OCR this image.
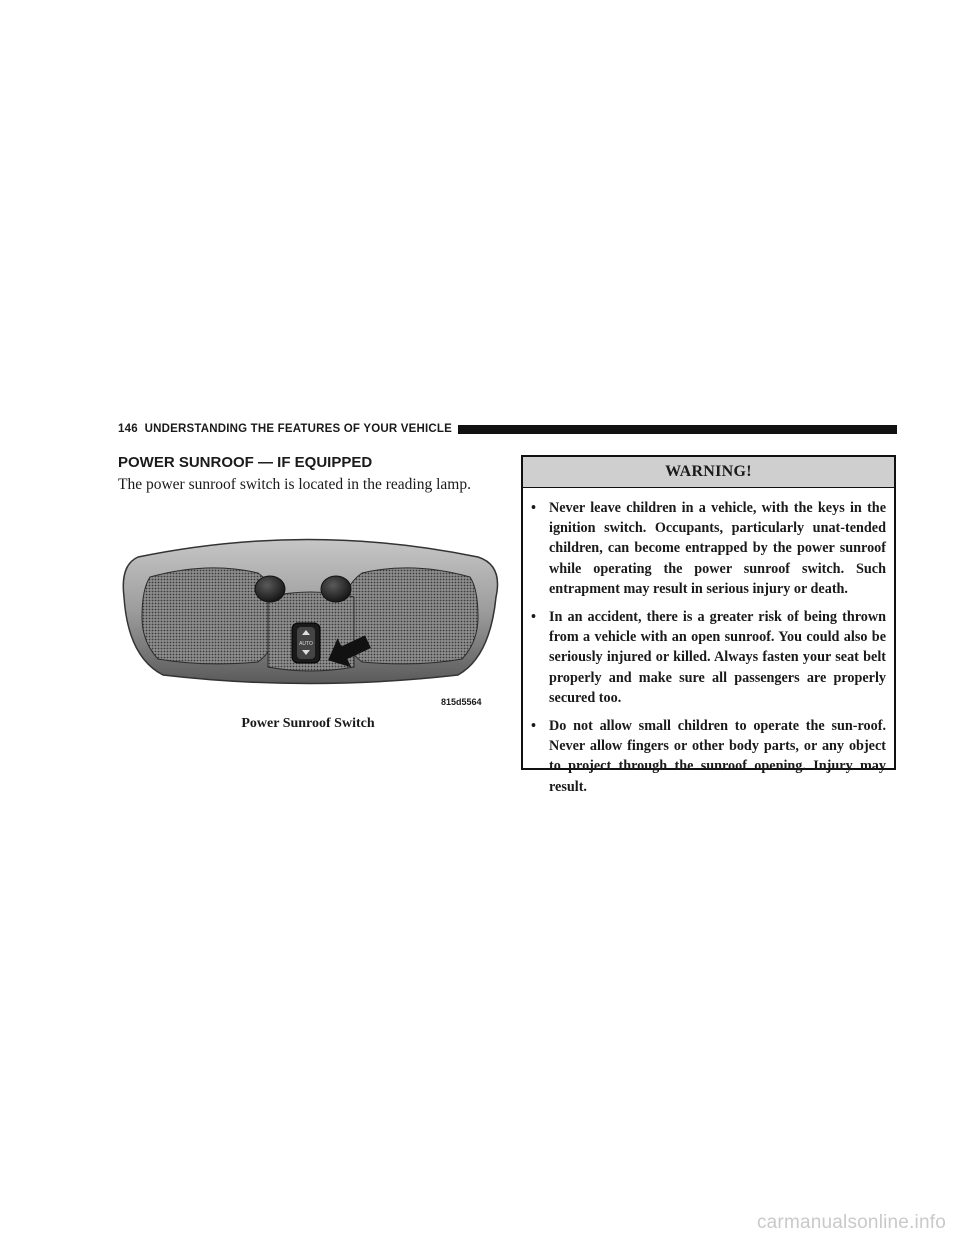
146 UNDERSTANDING THE FEATURES OF YOUR VEHICLE
POWER SUNROOF — IF EQUIPPED

The power sunroof switch is located in the reading lamp.

AUTO
815d5564
Power Sunroof Switch
WARNING!
• Never leave children in a vehicle, with the keys in the ignition switch. Occupants, particularly unat-tended children, can become entrapped by the power sunroof while operating the power sunroof switch. Such entrapment may result in serious injury or death.
• In an accident, there is a greater risk of being thrown from a vehicle with an open sunroof. You could also be seriously injured or killed. Always fasten your seat belt properly and make sure all passengers are properly secured too.
• Do not allow small children to operate the sun-roof. Never allow fingers or other body parts, or any object to project through the sunroof opening. Injury may result.
carmanualsonline.info
